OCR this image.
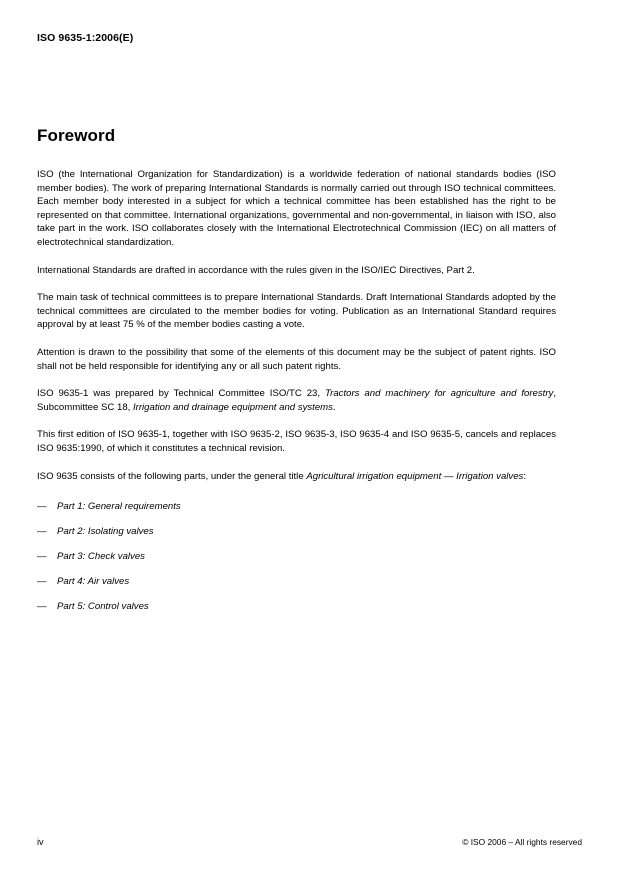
ISO 9635-1:2006(E)
Foreword

ISO (the International Organization for Standardization) is a worldwide federation of national standards bodies (ISO member bodies). The work of preparing International Standards is normally carried out through ISO technical committees. Each member body interested in a subject for which a technical committee has been established has the right to be represented on that committee. International organizations, governmental and non-governmental, in liaison with ISO, also take part in the work. ISO collaborates closely with the International Electrotechnical Commission (IEC) on all matters of electrotechnical standardization.

International Standards are drafted in accordance with the rules given in the ISO/IEC Directives, Part 2.

The main task of technical committees is to prepare International Standards. Draft International Standards adopted by the technical committees are circulated to the member bodies for voting. Publication as an International Standard requires approval by at least 75 % of the member bodies casting a vote.

Attention is drawn to the possibility that some of the elements of this document may be the subject of patent rights. ISO shall not be held responsible for identifying any or all such patent rights.

ISO 9635-1 was prepared by Technical Committee ISO/TC 23, Tractors and machinery for agriculture and forestry, Subcommittee SC 18, Irrigation and drainage equipment and systems.

This first edition of ISO 9635-1, together with ISO 9635-2, ISO 9635-3, ISO 9635-4 and ISO 9635-5, cancels and replaces ISO 9635:1990, of which it constitutes a technical revision.

ISO 9635 consists of the following parts, under the general title Agricultural irrigation equipment — Irrigation valves:

— Part 1: General requirements
— Part 2: Isolating valves
— Part 3: Check valves
— Part 4: Air valves
— Part 5: Control valves
iv	© ISO 2006 – All rights reserved
